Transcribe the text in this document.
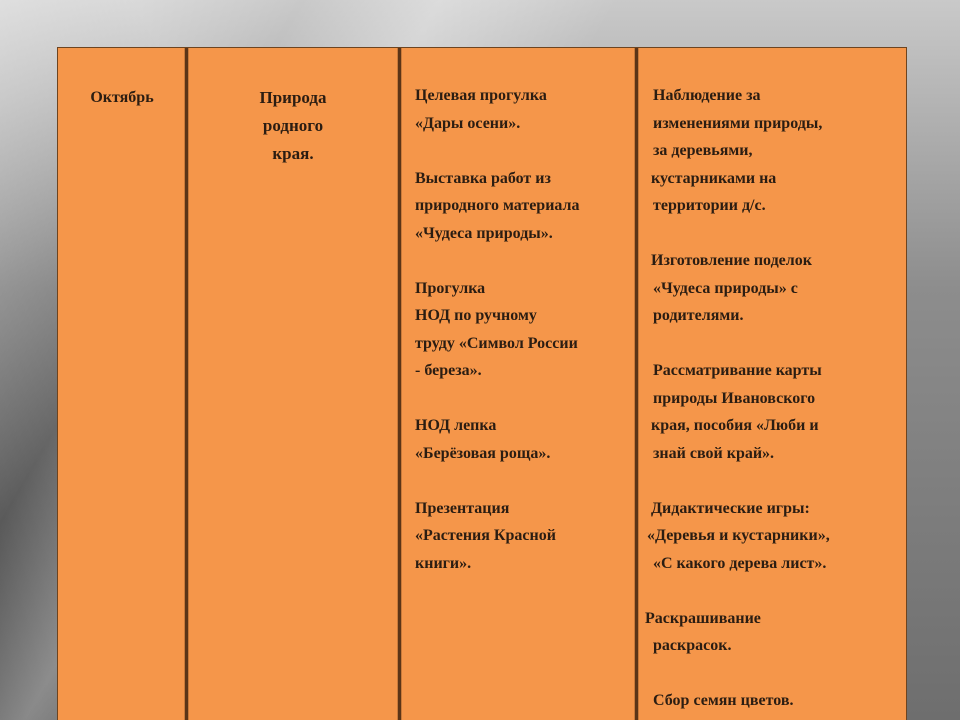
Октябрь	Природа
родного
края.
Целевая прогулка
«Дары осени».
Выставка работ из
природного материала
«Чудеса природы».
Прогулка
НОД по ручному
труду «Символ России
- береза».
НОД лепка
«Берёзовая роща».
Презентация
«Растения Красной
книги».
Наблюдение за
изменениями природы,
за деревьями,
кустарниками на
территории д/с.
Изготовление поделок
«Чудеса природы» с
родителями.
Рассматривание карты
природы Ивановского
края, пособия «Люби и
знай свой край».
Дидактические игры:
«Деревья и кустарники»,
«С какого дерева лист».
Раскрашивание
раскрасок.
Сбор семян цветов.
